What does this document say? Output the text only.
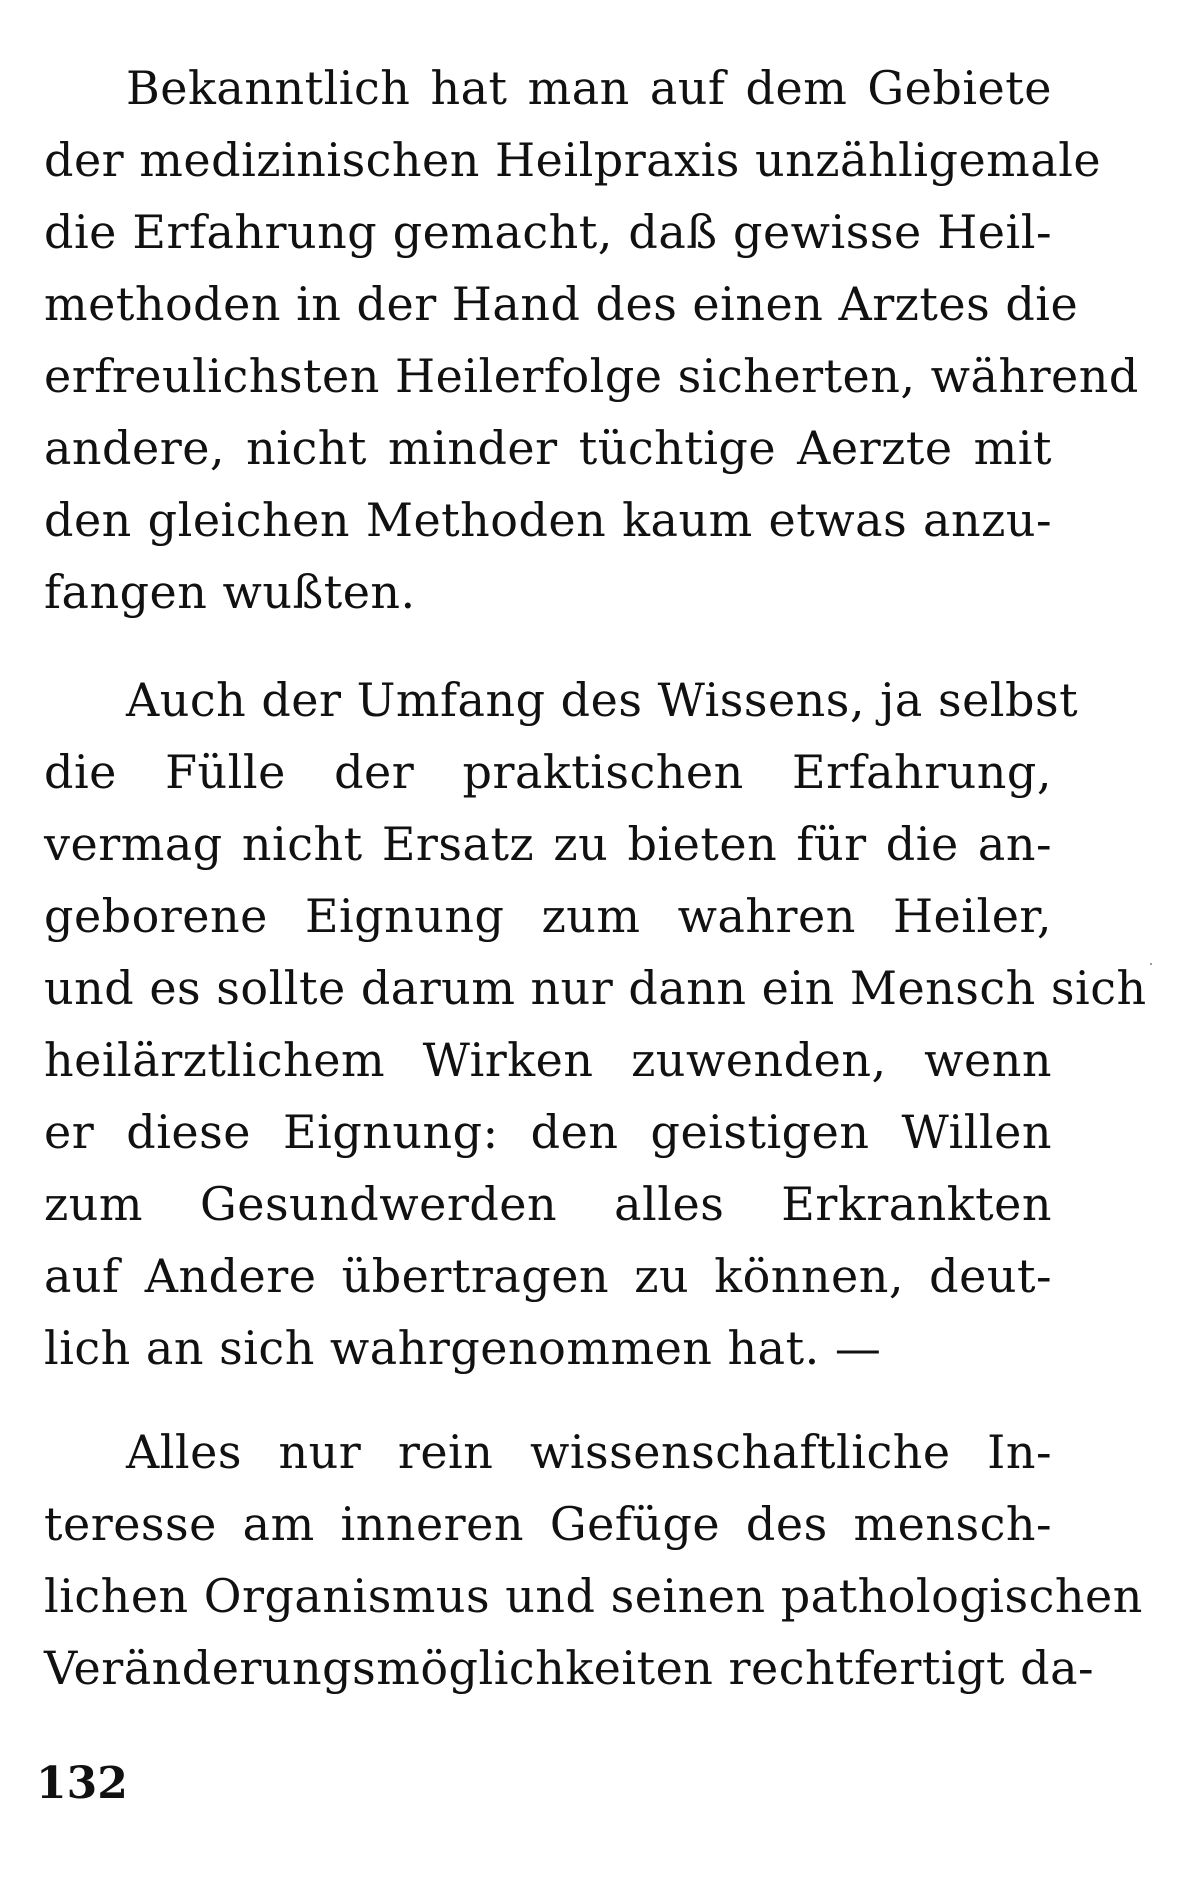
Bekanntlich hat man auf dem Gebiete
der medizinischen Heilpraxis unzähligemale
die Erfahrung gemacht, daß gewisse Heil-
methoden in der Hand des einen Arztes die
erfreulichsten Heilerfolge sicherten, während
andere, nicht minder tüchtige Aerzte mit
den gleichen Methoden kaum etwas anzu-
fangen wußten.
Auch der Umfang des Wissens, ja selbst
die Fülle der praktischen Erfahrung,
vermag nicht Ersatz zu bieten für die an-
geborene Eignung zum wahren Heiler,
und es sollte darum nur dann ein Mensch sich
heilärztlichem Wirken zuwenden, wenn
er diese Eignung: den geistigen Willen
zum Gesundwerden alles Erkrankten
auf Andere übertragen zu können, deut-
lich an sich wahrgenommen hat. —
Alles nur rein wissenschaftliche In-
teresse am inneren Gefüge des mensch-
lichen Organismus und seinen pathologischen
Veränderungsmöglichkeiten rechtfertigt da-
132
